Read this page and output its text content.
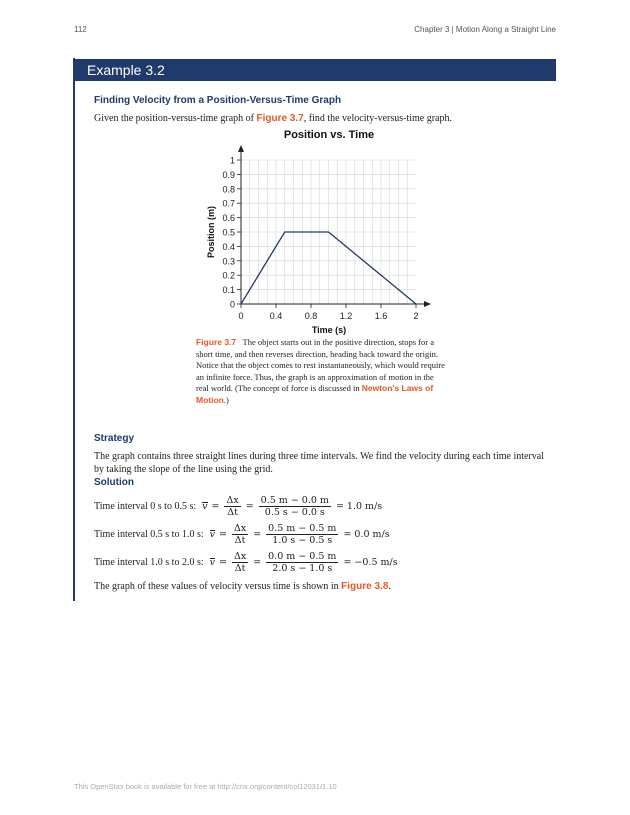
112	Chapter 3 | Motion Along a Straight Line
Example 3.2
Finding Velocity from a Position-Versus-Time Graph
Given the position-versus-time graph of Figure 3.7, find the velocity-versus-time graph.
Position vs. Time
0
0.1
0.2
0.3
0.4
0.5
0.6
0.7
0.8
0.9
1
0	0.4 0.8 1.2 1.6	2
Time (s)
Position (m)
Figure 3.7 The object starts out in the positive direction, stops for a short time, and then reverses direction, heading back toward the origin. Notice that the object comes to rest instantaneously, which would require an infinite force. Thus, the graph is an approximation of motion in the real world. (The concept of force is discussed in Newton's Laws of Motion.)
Strategy
The graph contains three straight lines during three time intervals. We find the velocity during each time interval by taking the slope of the line using the grid.
Solution
Time interval 0 s to 0.5 s: $v = \frac{\Delta x}{\Delta t} = \frac{0.5 m - 0.0 m}{0.5 s - 0.0 s} = 1.0$ m/s
Time interval 0.5 s to 1.0 s: $v = \frac{\Delta x}{\Delta t} = \frac{0.5 m - 0.5 m}{1.0 s - 0.5 s} = 0.0$ m/s
Time interval 1.0 s to 2.0 s: $v = \frac{\Delta x}{\Delta t} = \frac{0.0 m - 0.5 m}{2.0 s - 1.0 s} = -0.5$ m/s
The graph of these values of velocity versus time is shown in Figure 3.8.
This OpenStax book is available for free at http://cnx.org/content/col12031/1.10
